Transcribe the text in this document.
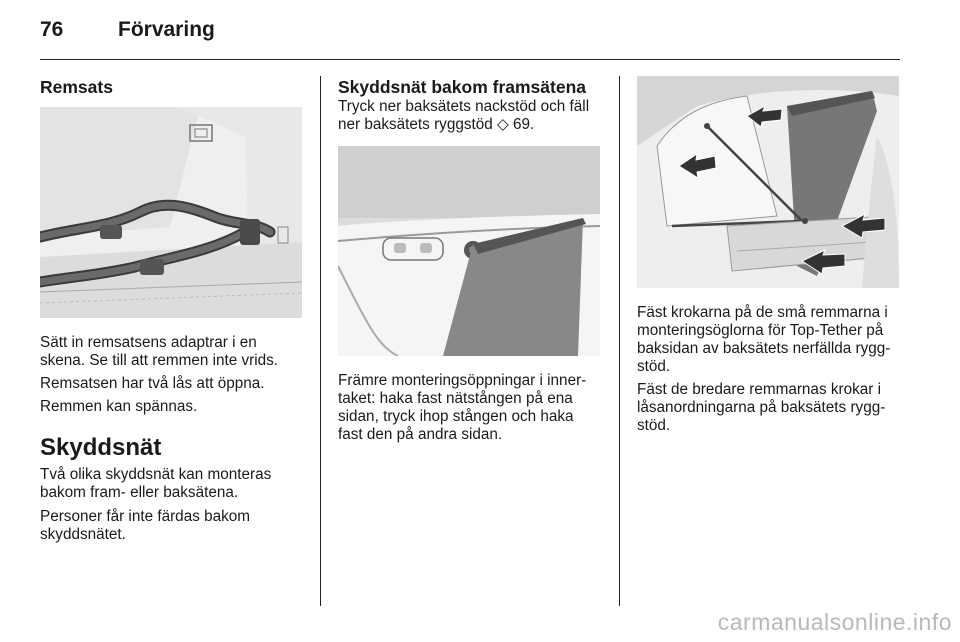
76	Förvaring
Remsats

Sätt in remsatsens adaptrar i en
skena. Se till att remmen inte vrids.

Remsatsen har två lås att öppna.

Remmen kan spännas.

Skyddsnät

Två olika skyddsnät kan monteras
bakom fram- eller baksätena.

Personer får inte färdas bakom
skyddsnätet.

Skyddsnät bakom framsätena

Tryck ner baksätets nackstöd och fäll
ner baksätets ryggstöd ◇ 69.

Främre monteringsöppningar i inner-
taket: haka fast nätstången på ena
sidan, tryck ihop stången och haka
fast den på andra sidan.

Fäst krokarna på de små remmarna i
monteringsöglorna för Top-Tether på
baksidan av baksätets nerfällda rygg-
stöd.

Fäst de bredare remmarnas krokar i
låsanordningarna på baksätets rygg-
stöd.

carmanualsonline.info
